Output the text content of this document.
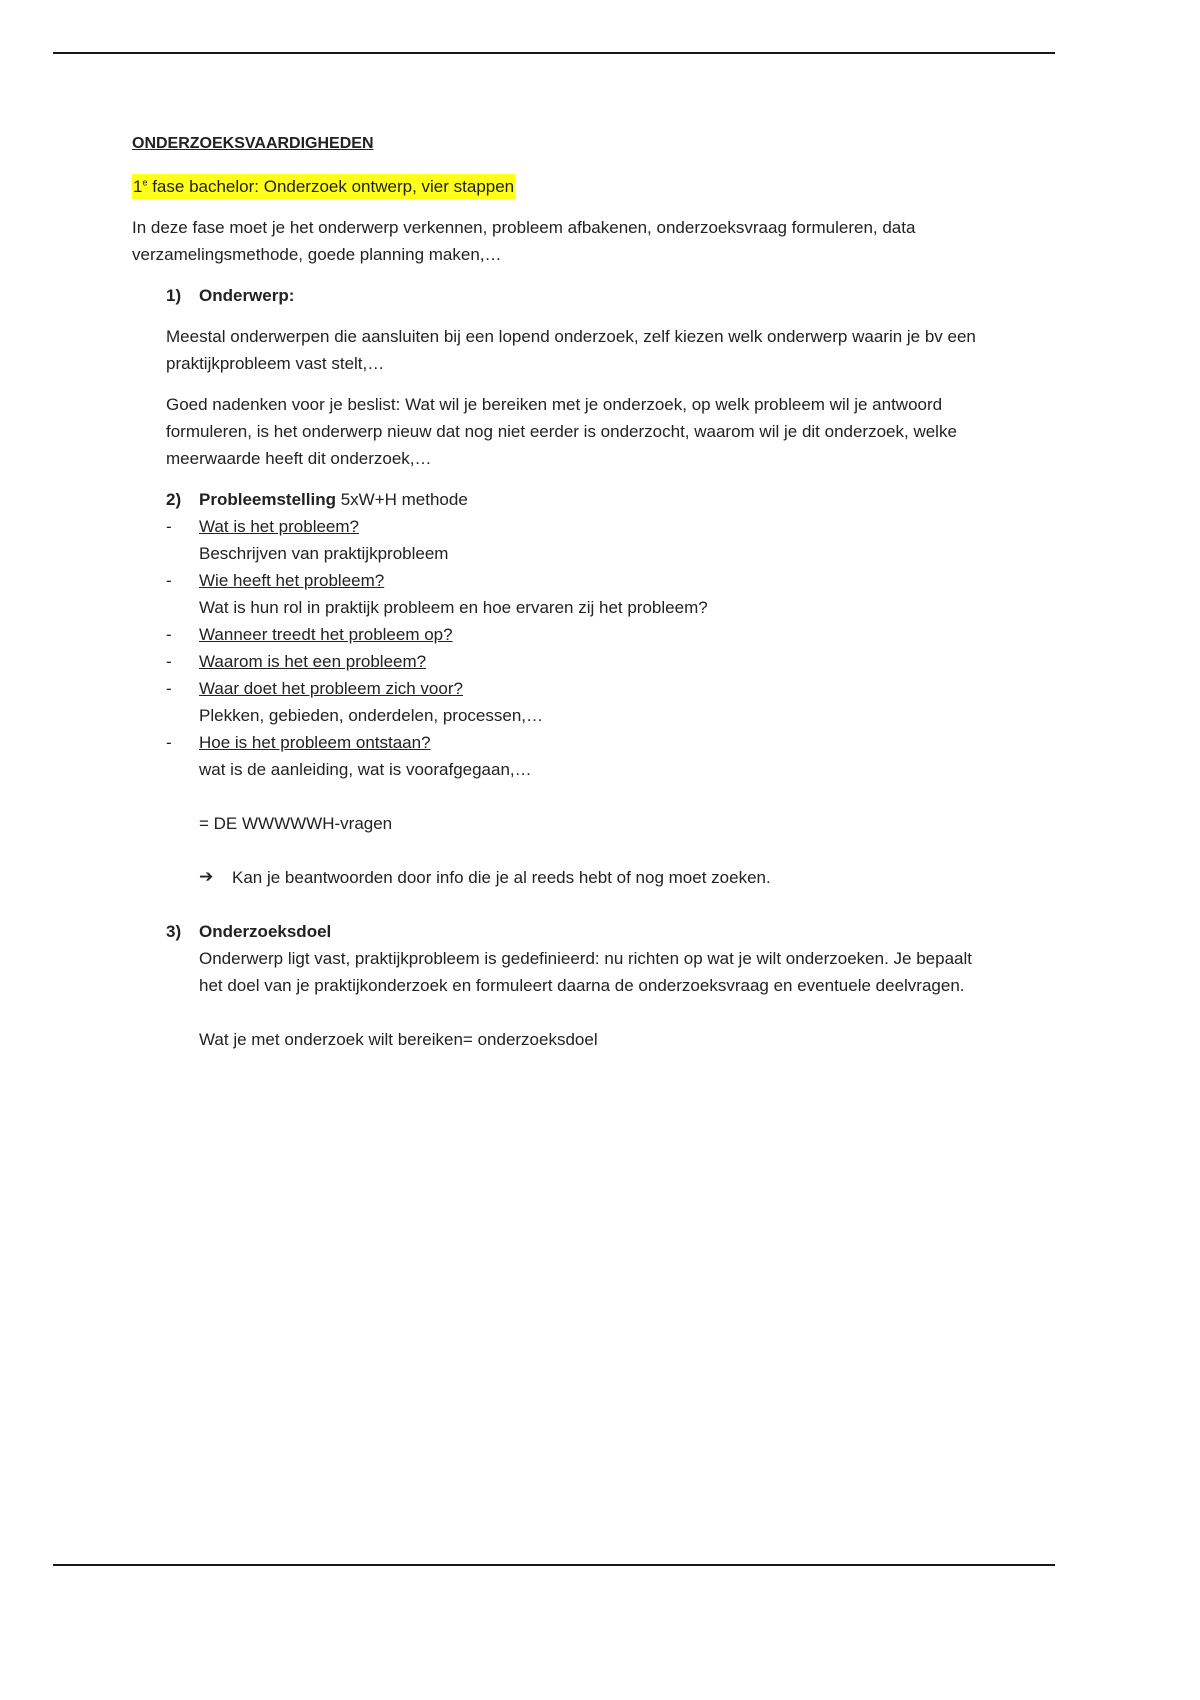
ONDERZOEKSVAARDIGHEDEN
1e fase bachelor: Onderzoek ontwerp, vier stappen
In deze fase moet je het onderwerp verkennen, probleem afbakenen, onderzoeksvraag formuleren, data verzamelingsmethode, goede planning maken,…
1)	Onderwerp:
Meestal onderwerpen die aansluiten bij een lopend onderzoek, zelf kiezen welk onderwerp waarin je bv een praktijkprobleem vast stelt,…
Goed nadenken voor je beslist: Wat wil je bereiken met je onderzoek, op welk probleem wil je antwoord formuleren, is het onderwerp nieuw dat nog niet eerder is onderzocht, waarom wil je dit onderzoek, welke meerwaarde heeft dit onderzoek,…
2)	Probleemstelling 5xW+H methode
-	Wat is het probleem?
Beschrijven van praktijkprobleem
-	Wie heeft het probleem?
Wat is hun rol in praktijk probleem en hoe ervaren zij het probleem?
-	Wanneer treedt het probleem op?
-	Waarom is het een probleem?
-	Waar doet het probleem zich voor?
Plekken, gebieden, onderdelen, processen,…
-	Hoe is het probleem ontstaan?
wat is de aanleiding, wat is voorafgegaan,…
= DE WWWWWH-vragen
➔	Kan je beantwoorden door info die je al reeds hebt of nog moet zoeken.
3)	Onderzoeksdoel
Onderwerp ligt vast, praktijkprobleem is gedefinieerd: nu richten op wat je wilt onderzoeken. Je bepaalt het doel van je praktijkonderzoek en formuleert daarna de onderzoeksvraag en eventuele deelvragen.
Wat je met onderzoek wilt bereiken= onderzoeksdoel
